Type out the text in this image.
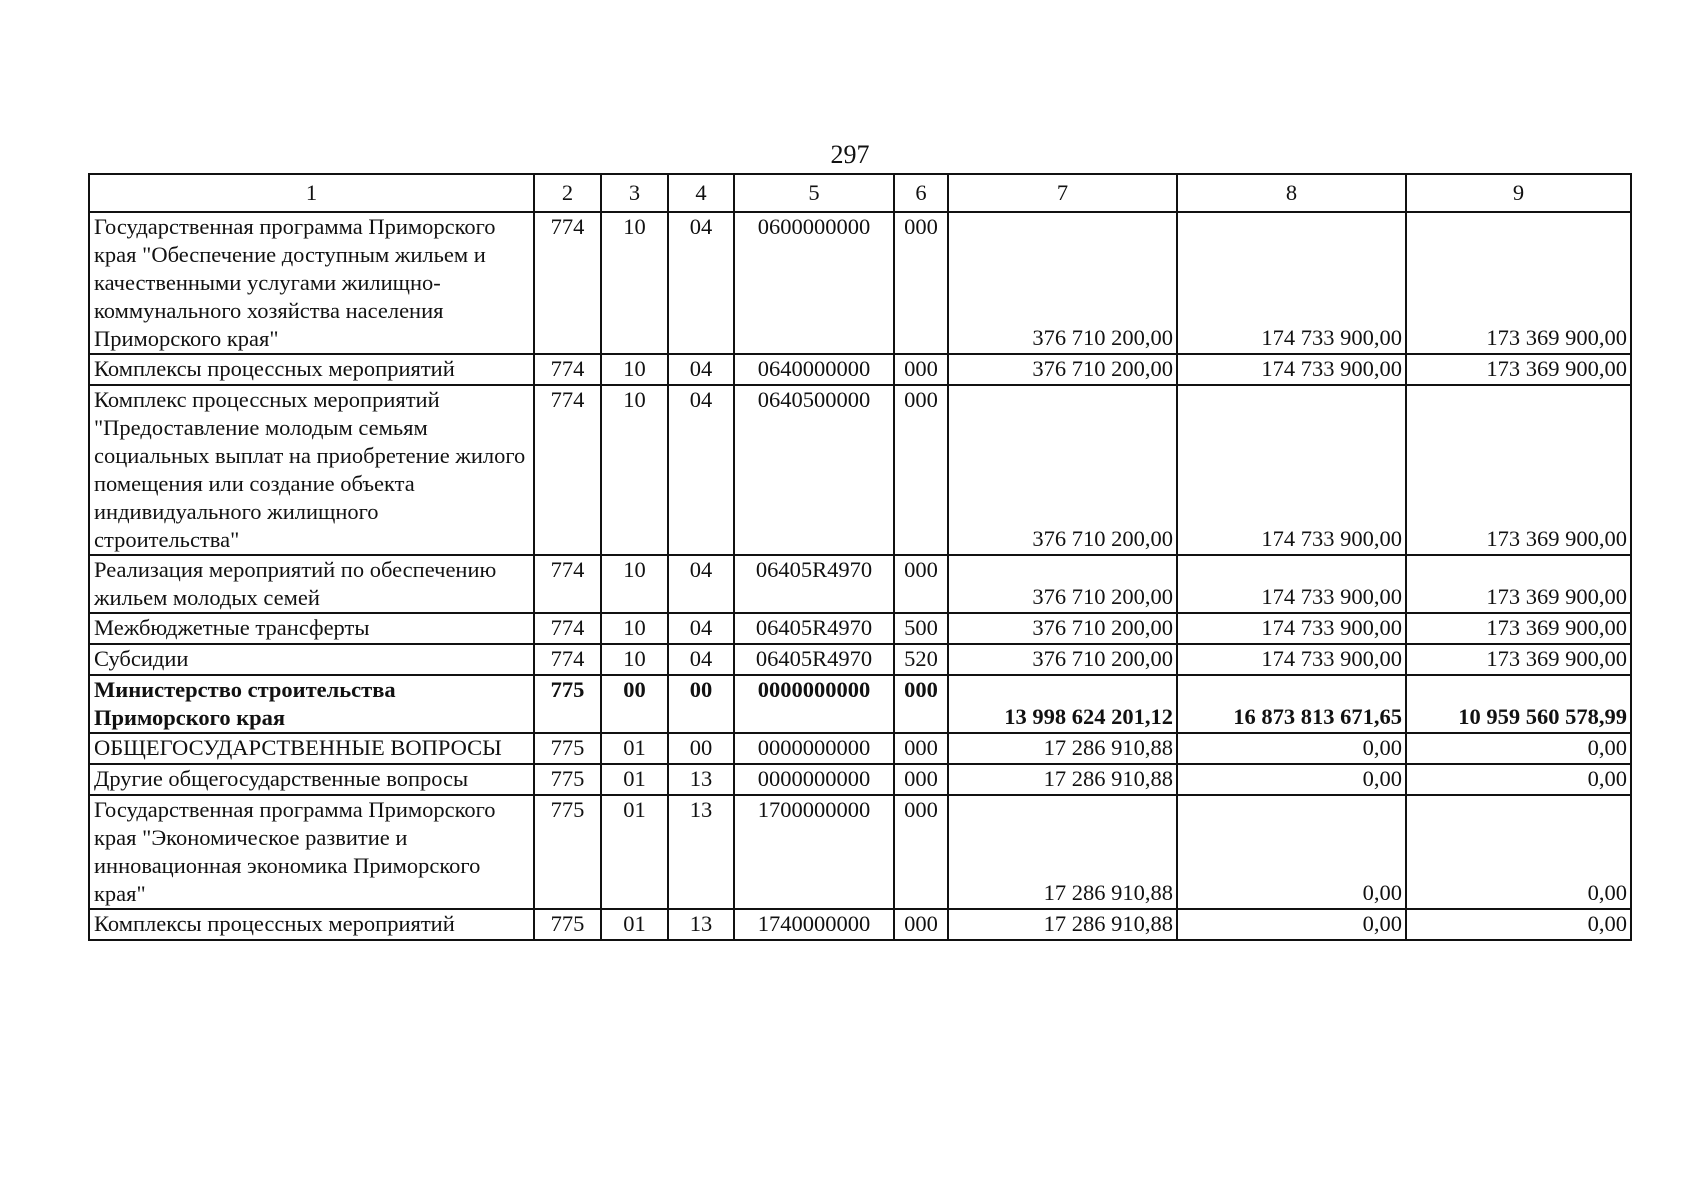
297
1	2	3	4	5	6	7	8	9
Государственная программа Приморского края "Обеспечение доступным жильем и качественными услугами жилищно-коммунального хозяйства населения Приморского края"	774	10	04	0600000000	000	376 710 200,00	174 733 900,00	173 369 900,00
Комплексы процессных мероприятий	774	10	04	0640000000	000	376 710 200,00	174 733 900,00	173 369 900,00
Комплекс процессных мероприятий "Предоставление молодым семьям социальных выплат на приобретение жилого помещения или создание объекта индивидуального жилищного строительства"	774	10	04	0640500000	000	376 710 200,00	174 733 900,00	173 369 900,00
Реализация мероприятий по обеспечению жильем молодых семей	774	10	04	06405R4970	000	376 710 200,00	174 733 900,00	173 369 900,00
Межбюджетные трансферты	774	10	04	06405R4970	500	376 710 200,00	174 733 900,00	173 369 900,00
Субсидии	774	10	04	06405R4970	520	376 710 200,00	174 733 900,00	173 369 900,00
Министерство строительства Приморского края	775	00	00	0000000000	000	13 998 624 201,12	16 873 813 671,65	10 959 560 578,99
ОБЩЕГОСУДАРСТВЕННЫЕ ВОПРОСЫ	775	01	00	0000000000	000	17 286 910,88	0,00	0,00
Другие общегосударственные вопросы	775	01	13	0000000000	000	17 286 910,88	0,00	0,00
Государственная программа Приморского края "Экономическое развитие и инновационная экономика Приморского края"	775	01	13	1700000000	000	17 286 910,88	0,00	0,00
Комплексы процессных мероприятий	775	01	13	1740000000	000	17 286 910,88	0,00	0,00
